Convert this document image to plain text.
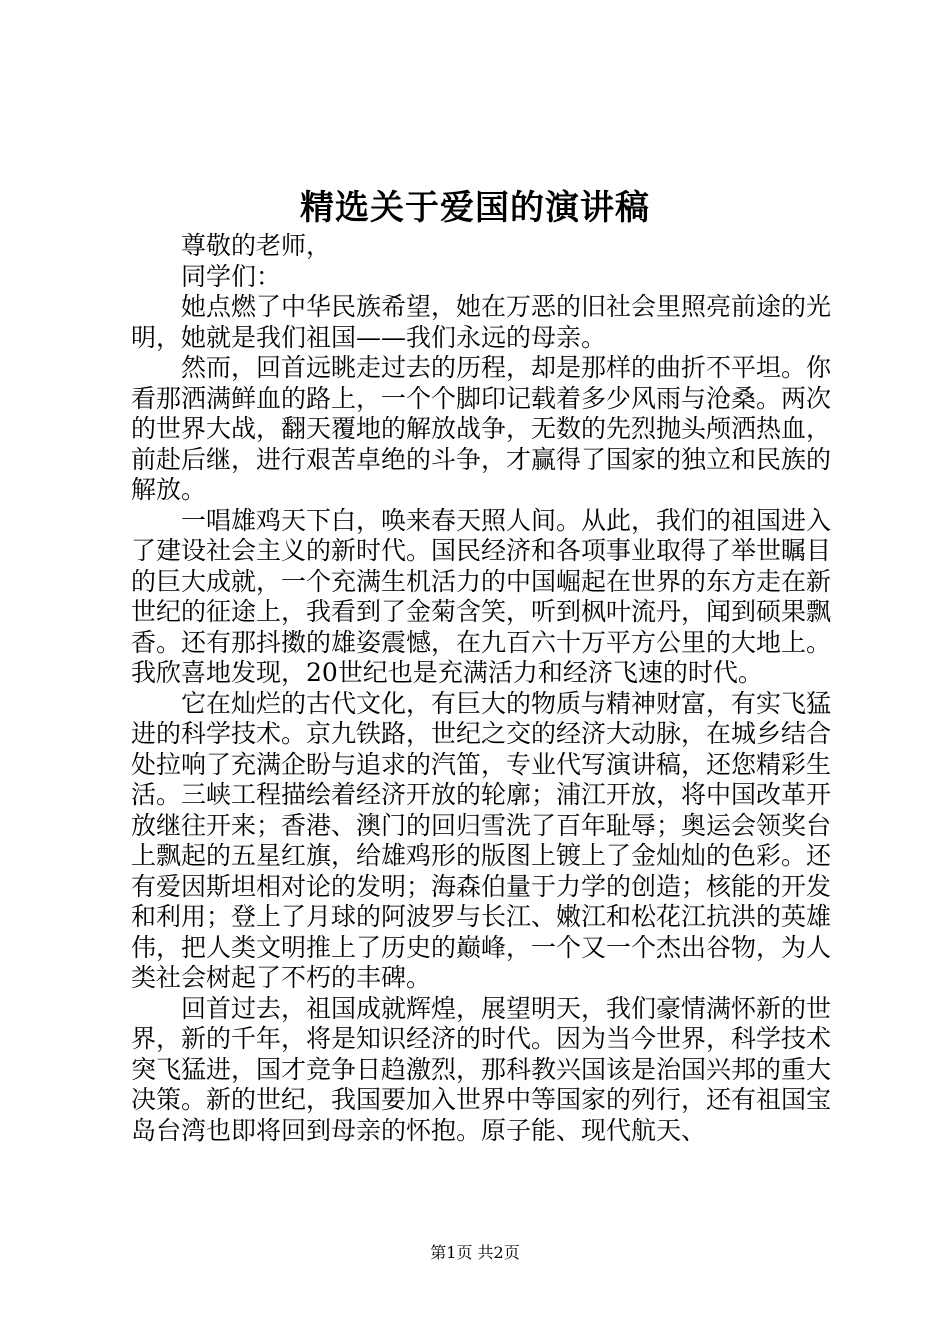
精选关于爱国的演讲稿

尊敬的老师，

同学们：

她点燃了中华民族希望，她在万恶的旧社会里照亮前途的光明，她就是我们祖国——我们永远的母亲。

然而，回首远眺走过去的历程，却是那样的曲折不平坦。你看那洒满鲜血的路上，一个个脚印记载着多少风雨与沧桑。两次的世界大战，翻天覆地的解放战争，无数的先烈抛头颅洒热血，前赴后继，进行艰苦卓绝的斗争，才赢得了国家的独立和民族的解放。

一唱雄鸡天下白，唤来春天照人间。从此，我们的祖国进入了建设社会主义的新时代。国民经济和各项事业取得了举世瞩目的巨大成就，一个充满生机活力的中国崛起在世界的东方走在新世纪的征途上，我看到了金菊含笑，听到枫叶流丹，闻到硕果飘香。还有那抖擞的雄姿震憾，在九百六十万平方公里的大地上。我欣喜地发现，20世纪也是充满活力和经济飞速的时代。

它在灿烂的古代文化，有巨大的物质与精神财富，有实飞猛进的科学技术。京九铁路，世纪之交的经济大动脉，在城乡结合处拉响了充满企盼与追求的汽笛，专业代写演讲稿，还您精彩生活。三峡工程描绘着经济开放的轮廓；浦江开放，将中国改革开放继往开来；香港、澳门的回归雪洗了百年耻辱；奥运会领奖台上飘起的五星红旗，给雄鸡形的版图上镀上了金灿灿的色彩。还有爱因斯坦相对论的发明；海森伯量于力学的创造；核能的开发和利用；登上了月球的阿波罗与长江、嫩江和松花江抗洪的英雄伟，把人类文明推上了历史的巅峰，一个又一个杰出谷物，为人类社会树起了不朽的丰碑。

回首过去，祖国成就辉煌，展望明天，我们豪情满怀新的世界，新的千年，将是知识经济的时代。因为当今世界，科学技术突飞猛进，国才竞争日趋激烈，那科教兴国该是治国兴邦的重大决策。新的世纪，我国要加入世界中等国家的列行，还有祖国宝岛台湾也即将回到母亲的怀抱。原子能、现代航天、

第1页 共2页
